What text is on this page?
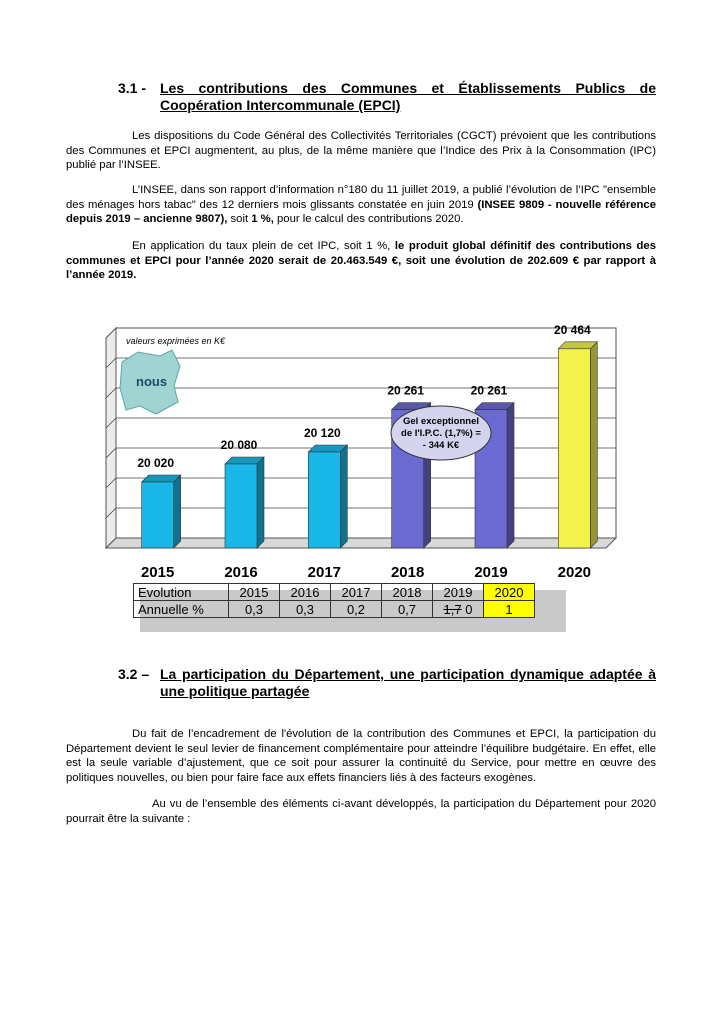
3.1 - Les contributions des Communes et Établissements Publics de Coopération Intercommunale (EPCI)
Les dispositions du Code Général des Collectivités Territoriales (CGCT) prévoient que les contributions des Communes et EPCI augmentent, au plus, de la même manière que l’Indice des Prix à la Consommation (IPC) publié par l’INSEE.
L’INSEE, dans son rapport d’information n°180 du 11 juillet 2019, a publié l’évolution de l’IPC "ensemble des ménages hors tabac" des 12 derniers mois glissants constatée en juin 2019 (INSEE 9809 - nouvelle référence depuis 2019 – ancienne 9807), soit 1 %, pour le calcul des contributions 2020.
En application du taux plein de cet IPC, soit 1 %, le produit global définitif des contributions des communes et EPCI pour l’année 2020 serait de 20.463.549 €, soit une évolution de 202.609 € par rapport à l’année 2019.
valeurs exprimées en K€
nous
20 020
2015
20 080
2016
20 120
2017
20 261
2018
20 261
2019
20 464
2020
Gel exceptionnel
de l'I.P.C. (1,7%) =
- 344 K€
Evolution	2015	2016	2017	2018	2019	2020
Annuelle %	0,3	0,3	0,2	0,7	1,7 0	1
3.2 – La participation du Département, une participation dynamique adaptée à une politique partagée
Du fait de l’encadrement de l'évolution de la contribution des Communes et EPCI, la participation du Département devient le seul levier de financement complémentaire pour atteindre l’équilibre budgétaire. En effet, elle est la seule variable d’ajustement, que ce soit pour assurer la continuité du Service, pour mettre en œuvre des politiques nouvelles, ou bien pour faire face aux effets financiers liés à des facteurs exogènes.
Au vu de l’ensemble des éléments ci-avant développés, la participation du Département pour 2020 pourrait être la suivante :
